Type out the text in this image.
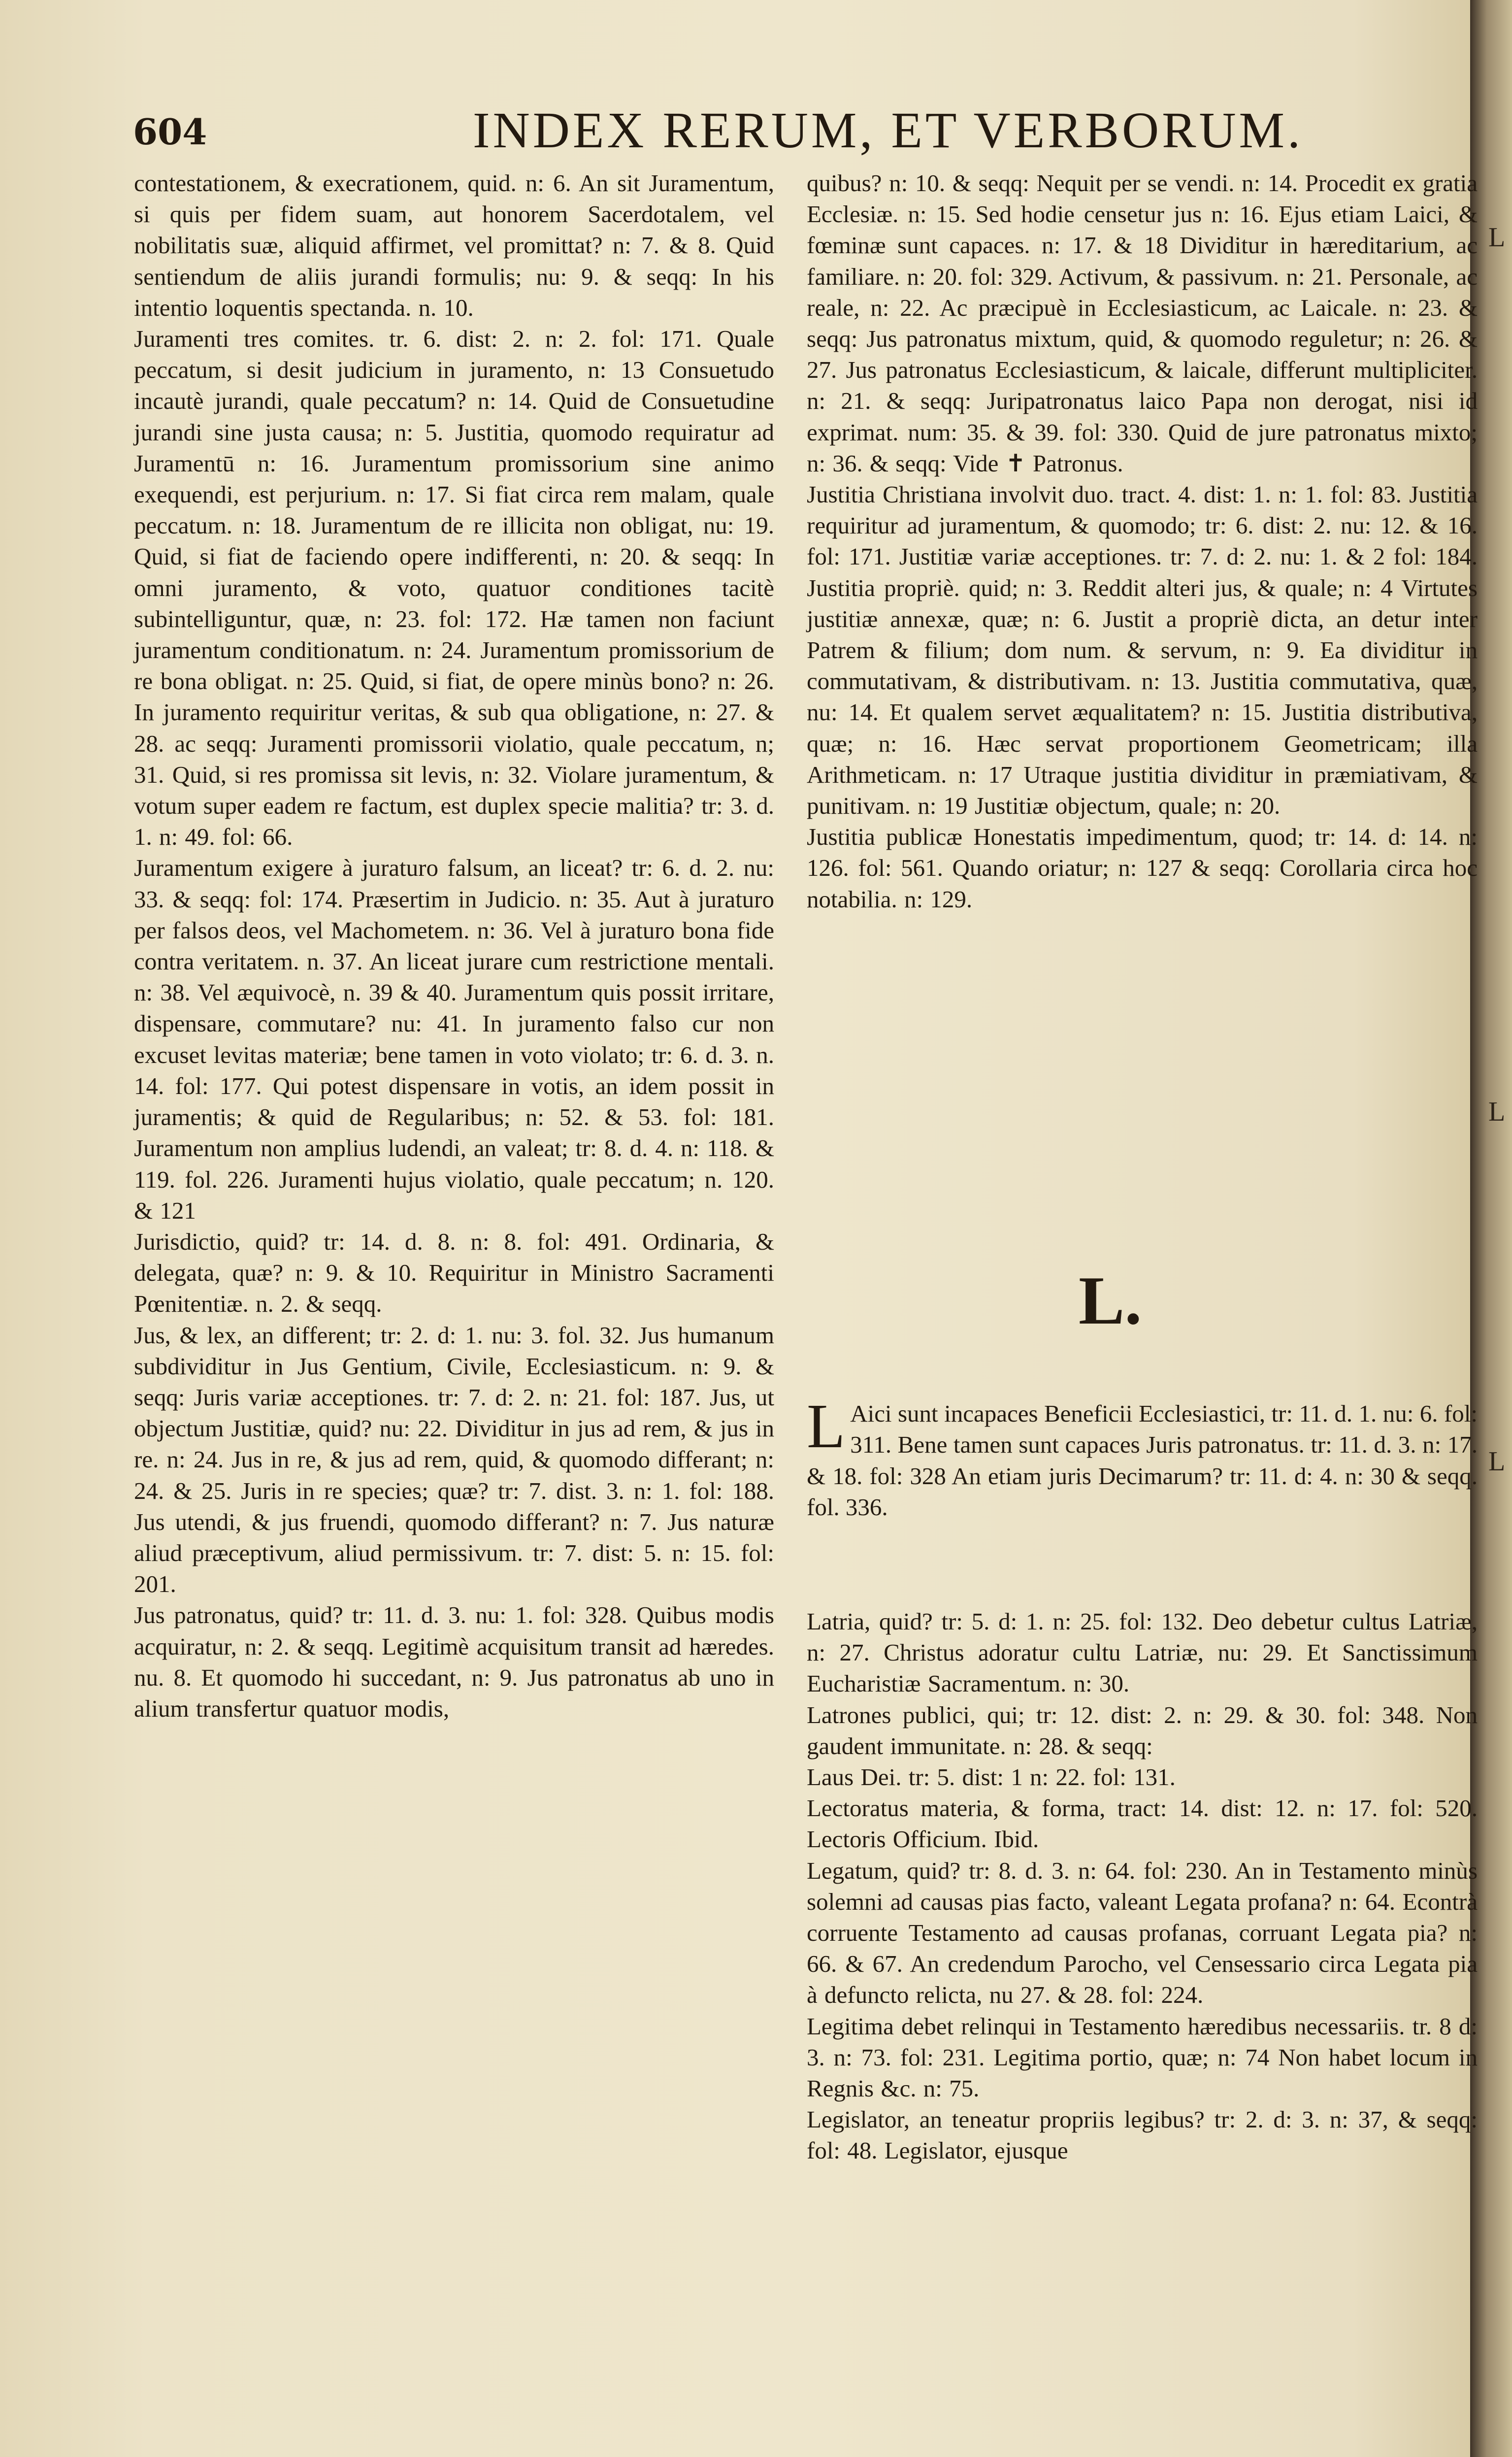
L
L
L
604	INDEX RERUM, ET VERBORUM.
contestationem, & execrationem, quid. n: 6. An sit Juramentum, si quis per fidem suam, aut honorem Sacerdotalem, vel nobilitatis suæ, aliquid affirmet, vel promittat? n: 7. & 8. Quid sentiendum de aliis jurandi formulis; nu: 9. & seqq: In his intentio loquentis spectanda. n. 10.
Juramenti tres comites. tr. 6. dist: 2. n: 2. fol: 171. Quale peccatum, si desit judicium in juramento, n: 13 Consuetudo incautè jurandi, quale peccatum? n: 14. Quid de Consuetudine jurandi sine justa causa; n: 5. Justitia, quomodo requiratur ad Juramentū n: 16. Juramentum promissorium sine animo exequendi, est perjurium. n: 17. Si fiat circa rem malam, quale peccatum. n: 18. Juramentum de re illicita non obligat, nu: 19. Quid, si fiat de faciendo opere indifferenti, n: 20. & seqq: In omni juramento, & voto, quatuor conditiones tacitè subintelliguntur, quæ, n: 23. fol: 172. Hæ tamen non faciunt juramentum conditionatum. n: 24. Juramentum promissorium de re bona obligat. n: 25. Quid, si fiat, de opere minùs bono? n: 26. In juramento requiritur veritas, & sub qua obligatione, n: 27. & 28. ac seqq: Juramenti promissorii violatio, quale peccatum, n; 31. Quid, si res promissa sit levis, n: 32. Violare juramentum, & votum super eadem re factum, est duplex specie malitia? tr: 3. d. 1. n: 49. fol: 66.
Juramentum exigere à juraturo falsum, an liceat? tr: 6. d. 2. nu: 33. & seqq: fol: 174. Præsertim in Judicio. n: 35. Aut à juraturo per falsos deos, vel Machometem. n: 36. Vel à juraturo bona fide contra veritatem. n. 37. An liceat jurare cum restrictione mentali. n: 38. Vel æquivocè, n. 39 & 40. Juramentum quis possit irritare, dispensare, commutare? nu: 41. In juramento falso cur non excuset levitas materiæ; bene tamen in voto violato; tr: 6. d. 3. n. 14. fol: 177. Qui potest dispensare in votis, an idem possit in juramentis; & quid de Regularibus; n: 52. & 53. fol: 181. Juramentum non amplius ludendi, an valeat; tr: 8. d. 4. n: 118. & 119. fol. 226. Juramenti hujus violatio, quale peccatum; n. 120. & 121
Jurisdictio, quid? tr: 14. d. 8. n: 8. fol: 491. Ordinaria, & delegata, quæ? n: 9. & 10. Requiritur in Ministro Sacramenti Pœnitentiæ. n. 2. & seqq.
Jus, & lex, an different; tr: 2. d: 1. nu: 3. fol. 32. Jus humanum subdividitur in Jus Gentium, Civile, Ecclesiasticum. n: 9. & seqq: Juris variæ acceptiones. tr: 7. d: 2. n: 21. fol: 187. Jus, ut objectum Justitiæ, quid? nu: 22. Dividitur in jus ad rem, & jus in re. n: 24. Jus in re, & jus ad rem, quid, & quomodo differant; n: 24. & 25. Juris in re species; quæ? tr: 7. dist. 3. n: 1. fol: 188. Jus utendi, & jus fruendi, quomodo differant? n: 7. Jus naturæ aliud præceptivum, aliud permissivum. tr: 7. dist: 5. n: 15. fol: 201.
Jus patronatus, quid? tr: 11. d. 3. nu: 1. fol: 328. Quibus modis acquiratur, n: 2. & seqq. Legitimè acquisitum transit ad hæredes. nu. 8. Et quomodo hi succedant, n: 9. Jus patronatus ab uno in alium transfertur quatuor modis,
quibus? n: 10. & seqq: Nequit per se vendi. n: 14. Procedit ex gratia Ecclesiæ. n: 15. Sed hodie censetur jus n: 16. Ejus etiam Laici, & fœminæ sunt capaces. n: 17. & 18 Dividitur in hæreditarium, ac familiare. n: 20. fol: 329. Activum, & passivum. n: 21. Personale, ac reale, n: 22. Ac præcipuè in Ecclesiasticum, ac Laicale. n: 23. & seqq: Jus patronatus mixtum, quid, & quomodo reguletur; n: 26. & 27. Jus patronatus Ecclesiasticum, & laicale, differunt multipliciter. n: 21. & seqq: Juripatronatus laico Papa non derogat, nisi id exprimat. num: 35. & 39. fol: 330. Quid de jure patronatus mixto; n: 36. & seqq: Vide ✝ Patronus.
Justitia Christiana involvit duo. tract. 4. dist: 1. n: 1. fol: 83. Justitia requiritur ad juramentum, & quomodo; tr: 6. dist: 2. nu: 12. & 16. fol: 171. Justitiæ variæ acceptiones. tr: 7. d: 2. nu: 1. & 2 fol: 184. Justitia propriè. quid; n: 3. Reddit alteri jus, & quale; n: 4 Virtutes justitiæ annexæ, quæ; n: 6. Justit a propriè dicta, an detur inter Patrem & filium; dom num. & servum, n: 9. Ea dividitur in commutativam, & distributivam. n: 13. Justitia commutativa, quæ, nu: 14. Et qualem servet æqualitatem? n: 15. Justitia distributiva, quæ; n: 16. Hæc servat proportionem Geometricam; illa Arithmeticam. n: 17 Utraque justitia dividitur in præmiativam, & punitivam. n: 19 Justitiæ objectum, quale; n: 20.
Justitia publicæ Honestatis impedimentum, quod; tr: 14. d: 14. n: 126. fol: 561. Quando oriatur; n: 127 & seqq: Corollaria circa hoc notabilia. n: 129.
L.

L Aici sunt incapaces Beneficii Ecclesiastici, tr: 11. d. 1. nu: 6. fol: 311. Bene tamen sunt capaces Juris patronatus. tr: 11. d. 3. n: 17. & 18. fol: 328 An etiam juris Decimarum? tr: 11. d: 4. n: 30 & seqq. fol. 336.

Latria, quid? tr: 5. d: 1. n: 25. fol: 132. Deo debetur cultus Latriæ, n: 27. Christus adoratur cultu Latriæ, nu: 29. Et Sanctissimum Eucharistiæ Sacramentum. n: 30.
Latrones publici, qui; tr: 12. dist: 2. n: 29. & 30. fol: 348. Non gaudent immunitate. n: 28. & seqq:
Laus Dei. tr: 5. dist: 1 n: 22. fol: 131.
Lectoratus materia, & forma, tract: 14. dist: 12. n: 17. fol: 520. Lectoris Officium. Ibid.
Legatum, quid? tr: 8. d. 3. n: 64. fol: 230. An in Testamento minùs solemni ad causas pias facto, valeant Legata profana? n: 64. Econtrà corruente Testamento ad causas profanas, corruant Legata pia? n: 66. & 67. An credendum Parocho, vel Censessario circa Legata pia à defuncto relicta, nu 27. & 28. fol: 224.
Legitima debet relinqui in Testamento hæredibus necessariis. tr. 8 d: 3. n: 73. fol: 231. Legitima portio, quæ; n: 74 Non habet locum in Regnis &c. n: 75.
Legislator, an teneatur propriis legibus? tr: 2. d: 3. n: 37, & seqq: fol: 48. Legislator, ejusque
